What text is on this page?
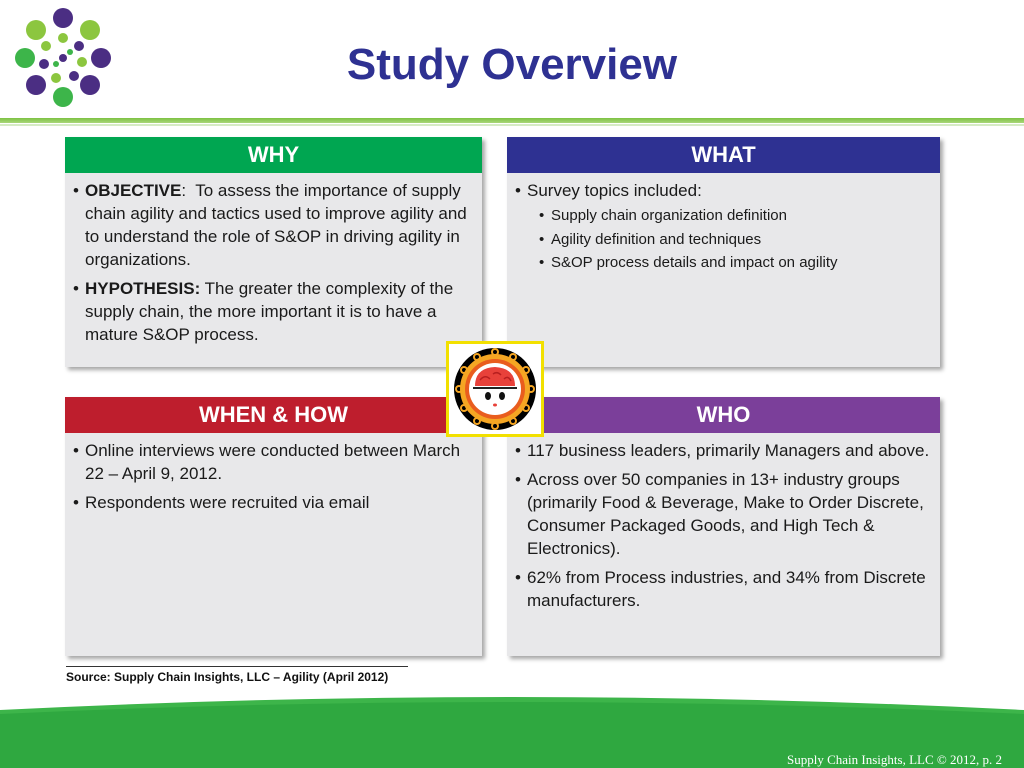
Study Overview
WHY
• OBJECTIVE:  To assess the importance of supply chain agility and tactics used to improve agility and to understand the role of S&OP in driving agility in organizations.
• HYPOTHESIS: The greater the complexity of the supply chain, the more important it is to have a mature S&OP process.
WHAT
• Survey topics included:
• Supply chain organization definition
• Agility definition and techniques
• S&OP process details and impact on agility
WHEN & HOW
• Online interviews were conducted between March 22 – April 9, 2012.
• Respondents were recruited via email
WHO
• 117 business leaders, primarily Managers and above.
• Across over 50 companies in 13+ industry groups (primarily Food & Beverage, Make to Order Discrete, Consumer Packaged Goods, and High Tech & Electronics).
• 62% from Process industries, and 34% from Discrete manufacturers.
Source: Supply Chain Insights, LLC – Agility (April 2012)
Supply Chain Insights, LLC © 2012, p. 2
